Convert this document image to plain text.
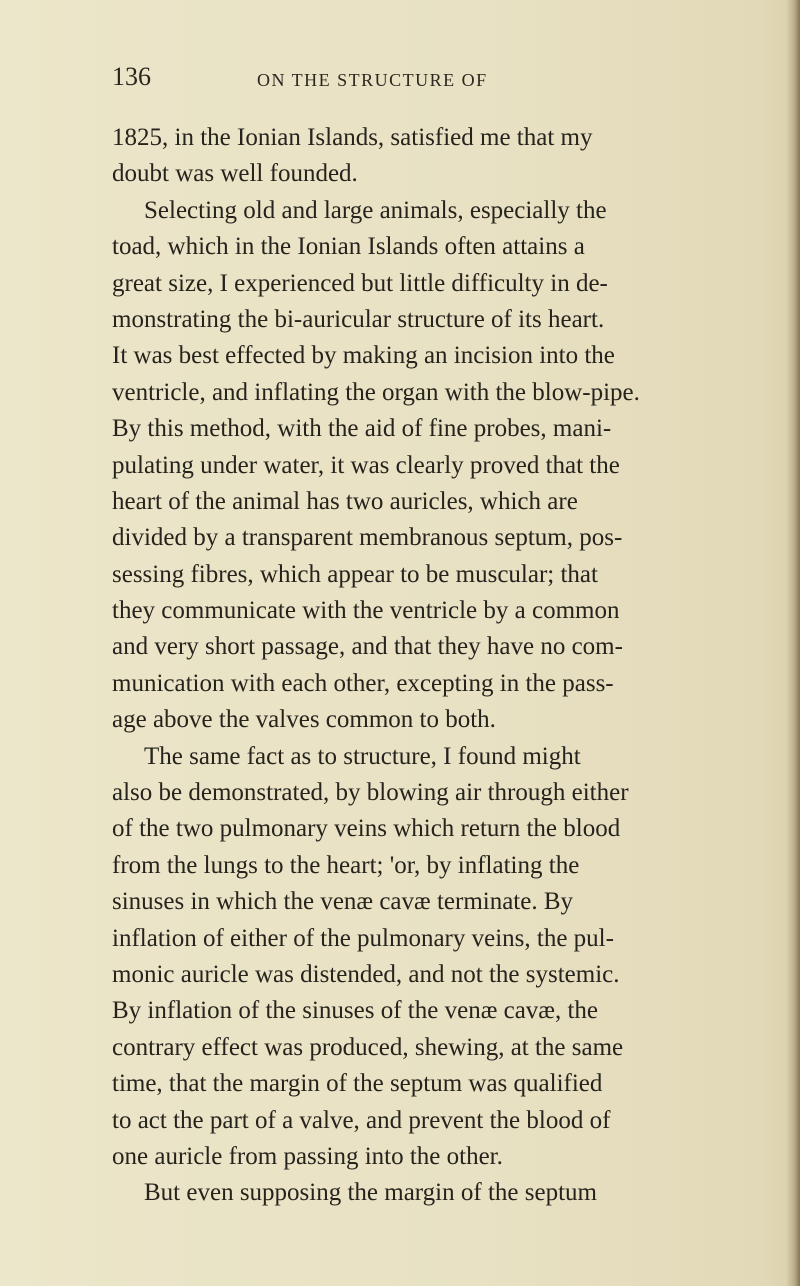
136	ON THE STRUCTURE OF
1825, in the Ionian Islands, satisfied me that my
doubt was well founded.
Selecting old and large animals, especially the
toad, which in the Ionian Islands often attains a
great size, I experienced but little difficulty in de-
monstrating the bi-auricular structure of its heart.
It was best effected by making an incision into the
ventricle, and inflating the organ with the blow-pipe.
By this method, with the aid of fine probes, mani-
pulating under water, it was clearly proved that the
heart of the animal has two auricles, which are
divided by a transparent membranous septum, pos-
sessing fibres, which appear to be muscular; that
they communicate with the ventricle by a common
and very short passage, and that they have no com-
munication with each other, excepting in the pass-
age above the valves common to both.
The same fact as to structure, I found might
also be demonstrated, by blowing air through either
of the two pulmonary veins which return the blood
from the lungs to the heart; 'or, by inflating the
sinuses in which the venæ cavæ terminate. By
inflation of either of the pulmonary veins, the pul-
monic auricle was distended, and not the systemic.
By inflation of the sinuses of the venæ cavæ, the
contrary effect was produced, shewing, at the same
time, that the margin of the septum was qualified
to act the part of a valve, and prevent the blood of
one auricle from passing into the other.
But even supposing the margin of the septum
